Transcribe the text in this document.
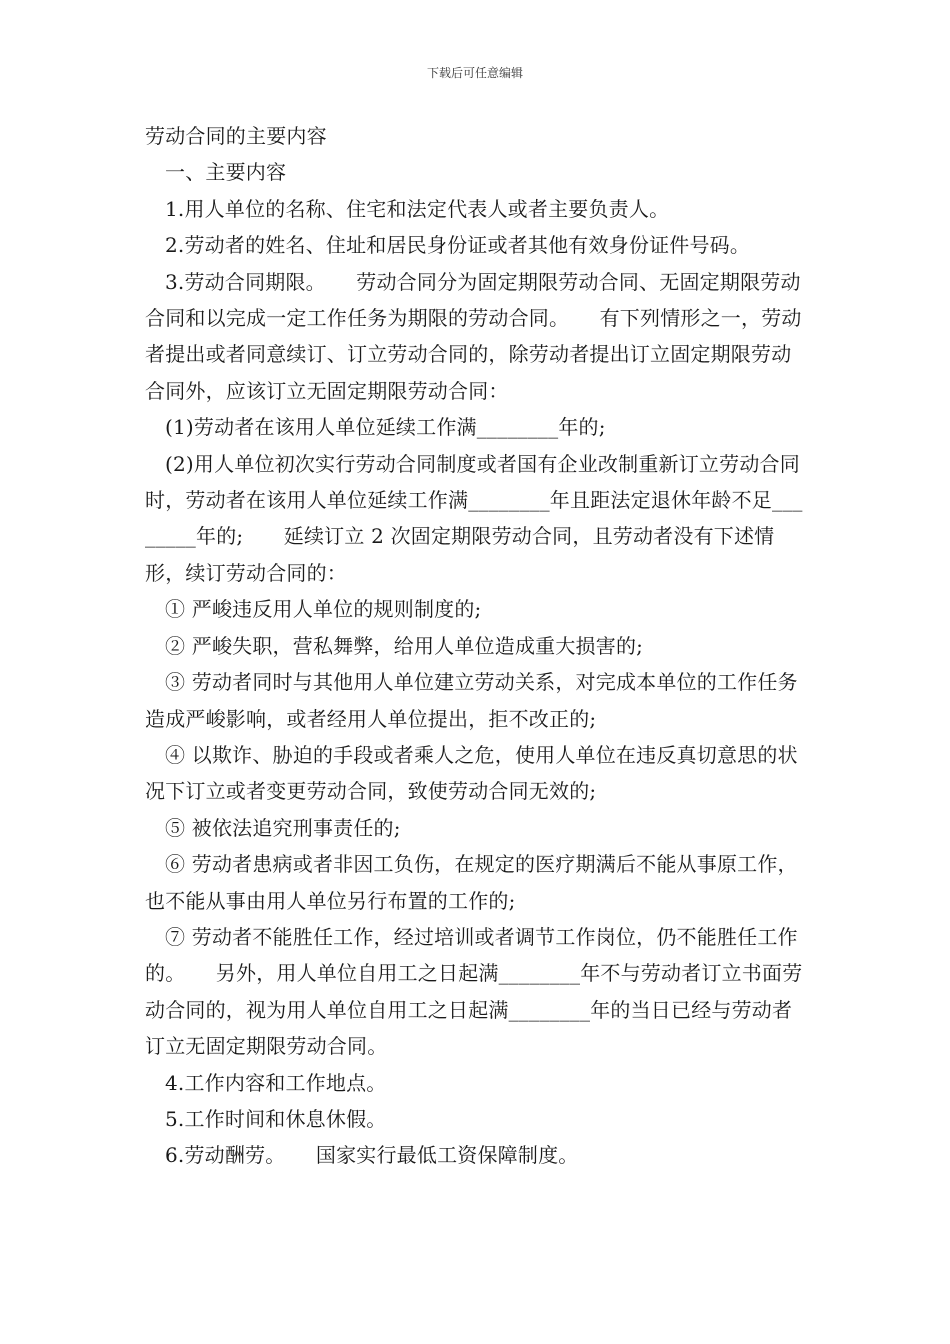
下载后可任意编辑

劳动合同的主要内容

一、主要内容

1.用人单位的名称、住宅和法定代表人或者主要负责人。

2.劳动者的姓名、住址和居民身份证或者其他有效身份证件号码。

3.劳动合同期限。　　劳动合同分为固定期限劳动合同、无固定期限劳动合同和以完成一定工作任务为期限的劳动合同。　　有下列情形之一，劳动者提出或者同意续订、订立劳动合同的，除劳动者提出订立固定期限劳动合同外，应该订立无固定期限劳动合同：

(1)劳动者在该用人单位延续工作满________年的;

(2)用人单位初次实行劳动合同制度或者国有企业改制重新订立劳动合同时，劳动者在该用人单位延续工作满________年且距法定退休年龄不足________年的;　　延续订立 2 次固定期限劳动合同，且劳动者没有下述情形，续订劳动合同的：

① 严峻违反用人单位的规则制度的;

② 严峻失职，营私舞弊，给用人单位造成重大损害的;

③ 劳动者同时与其他用人单位建立劳动关系，对完成本单位的工作任务造成严峻影响，或者经用人单位提出，拒不改正的;

④ 以欺诈、胁迫的手段或者乘人之危，使用人单位在违反真切意思的状况下订立或者变更劳动合同，致使劳动合同无效的;

⑤ 被依法追究刑事责任的;

⑥ 劳动者患病或者非因工负伤，在规定的医疗期满后不能从事原工作，也不能从事由用人单位另行布置的工作的;

⑦ 劳动者不能胜任工作，经过培训或者调节工作岗位，仍不能胜任工作的。　　另外，用人单位自用工之日起满________年不与劳动者订立书面劳动合同的，视为用人单位自用工之日起满________年的当日已经与劳动者订立无固定期限劳动合同。

4.工作内容和工作地点。

5.工作时间和休息休假。

6.劳动酬劳。　　国家实行最低工资保障制度。
